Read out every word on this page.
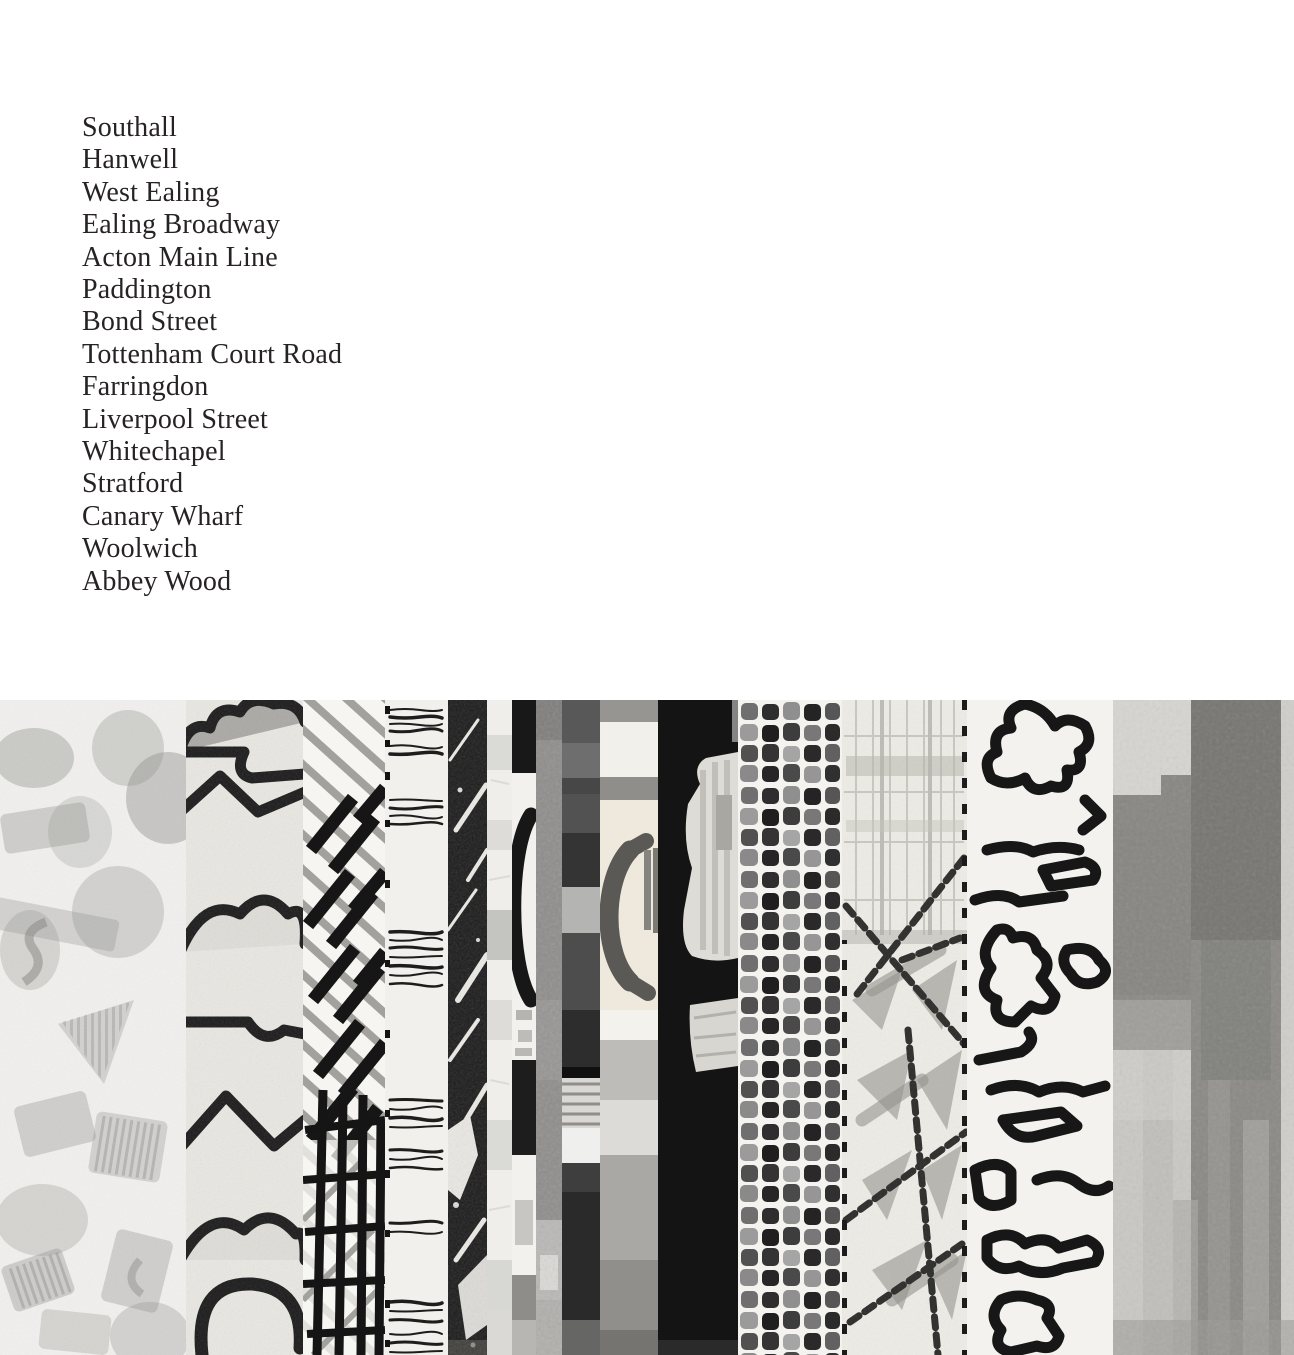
Southall
Hanwell
West Ealing
Ealing Broadway
Acton Main Line
Paddington
Bond Street
Tottenham Court Road
Farringdon
Liverpool Street
Whitechapel
Stratford
Canary Wharf
Woolwich
Abbey Wood
